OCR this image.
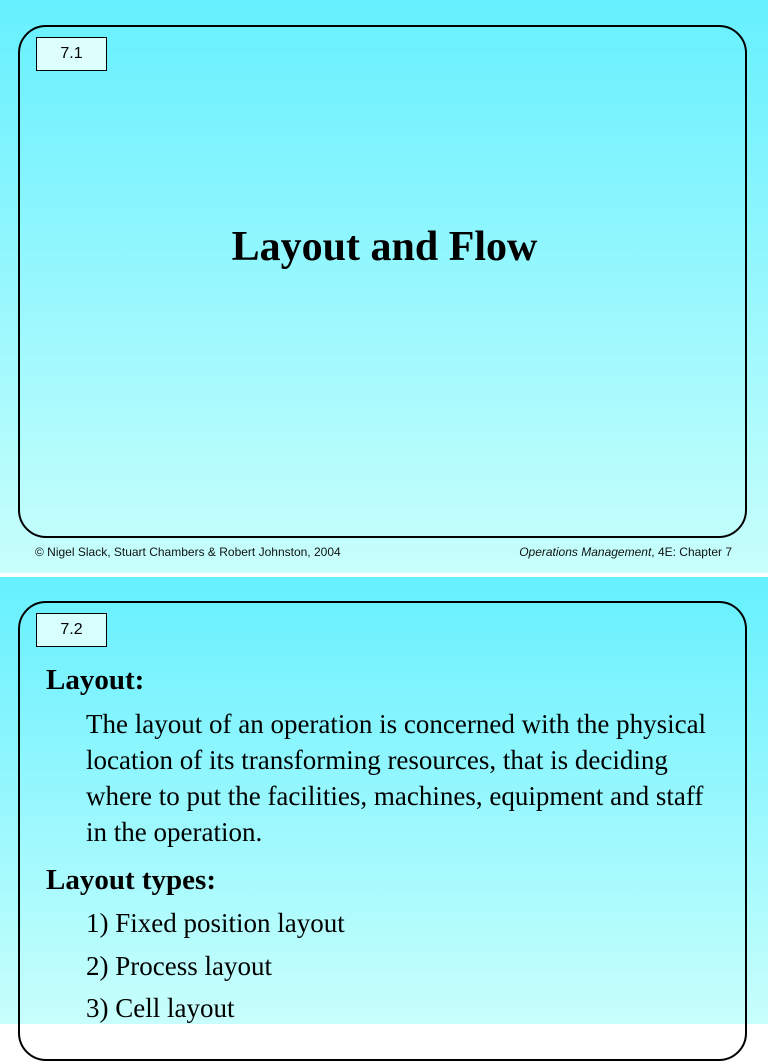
7.1
Layout and Flow
© Nigel Slack, Stuart Chambers & Robert Johnston, 2004	Operations Management, 4E: Chapter 7
7.2
Layout:

The layout of an operation is concerned with the physical location of its transforming resources, that is deciding where to put the facilities, machines, equipment and staff in the operation.

Layout types:

1) Fixed position layout

2) Process layout

3) Cell layout
